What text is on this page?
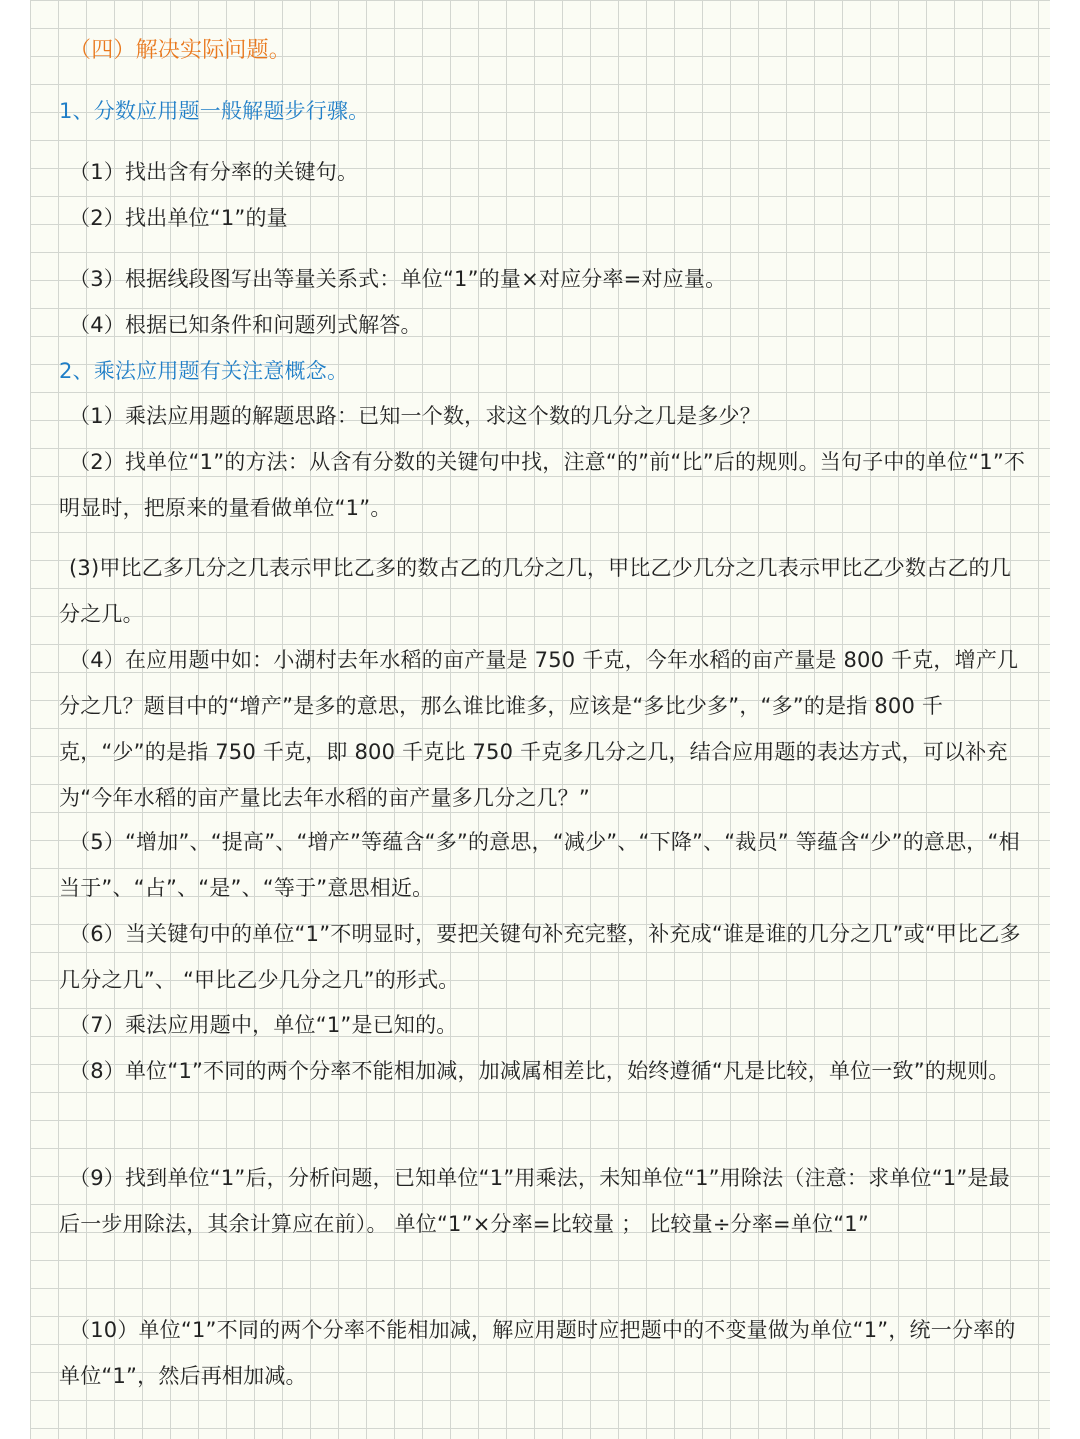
（四）解决实际问题。
1、分数应用题一般解题步行骤。
（1）找出含有分率的关键句。
（2）找出单位“1”的量
（3）根据线段图写出等量关系式：单位“1”的量×对应分率=对应量。
（4）根据已知条件和问题列式解答。
2、乘法应用题有关注意概念。
（1）乘法应用题的解题思路：已知一个数，求这个数的几分之几是多少？
（2）找单位“1”的方法：从含有分数的关键句中找，注意“的”前“比”后的规则。当句子中的单位“1”不明显时，把原来的量看做单位“1”。
(3)甲比乙多几分之几表示甲比乙多的数占乙的几分之几，甲比乙少几分之几表示甲比乙少数占乙的几分之几。
（4）在应用题中如：小湖村去年水稻的亩产量是 750 千克，今年水稻的亩产量是 800 千克，增产几分之几？题目中的“增产”是多的意思，那么谁比谁多，应该是“多比少多”，“多”的是指 800 千克，“少”的是指 750 千克，即 800 千克比 750 千克多几分之几，结合应用题的表达方式，可以补充为“今年水稻的亩产量比去年水稻的亩产量多几分之几？”
（5）“增加”、“提高”、“增产”等蕴含“多”的意思，“减少”、“下降”、“裁员” 等蕴含“少”的意思，“相当于”、“占”、“是”、“等于”意思相近。
（6）当关键句中的单位“1”不明显时，要把关键句补充完整，补充成“谁是谁的几分之几”或“甲比乙多几分之几”、 “甲比乙少几分之几”的形式。
（7）乘法应用题中，单位“1”是已知的。
（8）单位“1”不同的两个分率不能相加减，加减属相差比，始终遵循“凡是比较，单位一致”的规则。
（9）找到单位“1”后，分析问题，已知单位“1”用乘法，未知单位“1”用除法（注意：求单位“1”是最后一步用除法，其余计算应在前）。 单位“1”×分率=比较量 ； 比较量÷分率=单位“1”
（10）单位“1”不同的两个分率不能相加减，解应用题时应把题中的不变量做为单位“1”，统一分率的单位“1”，然后再相加减。
